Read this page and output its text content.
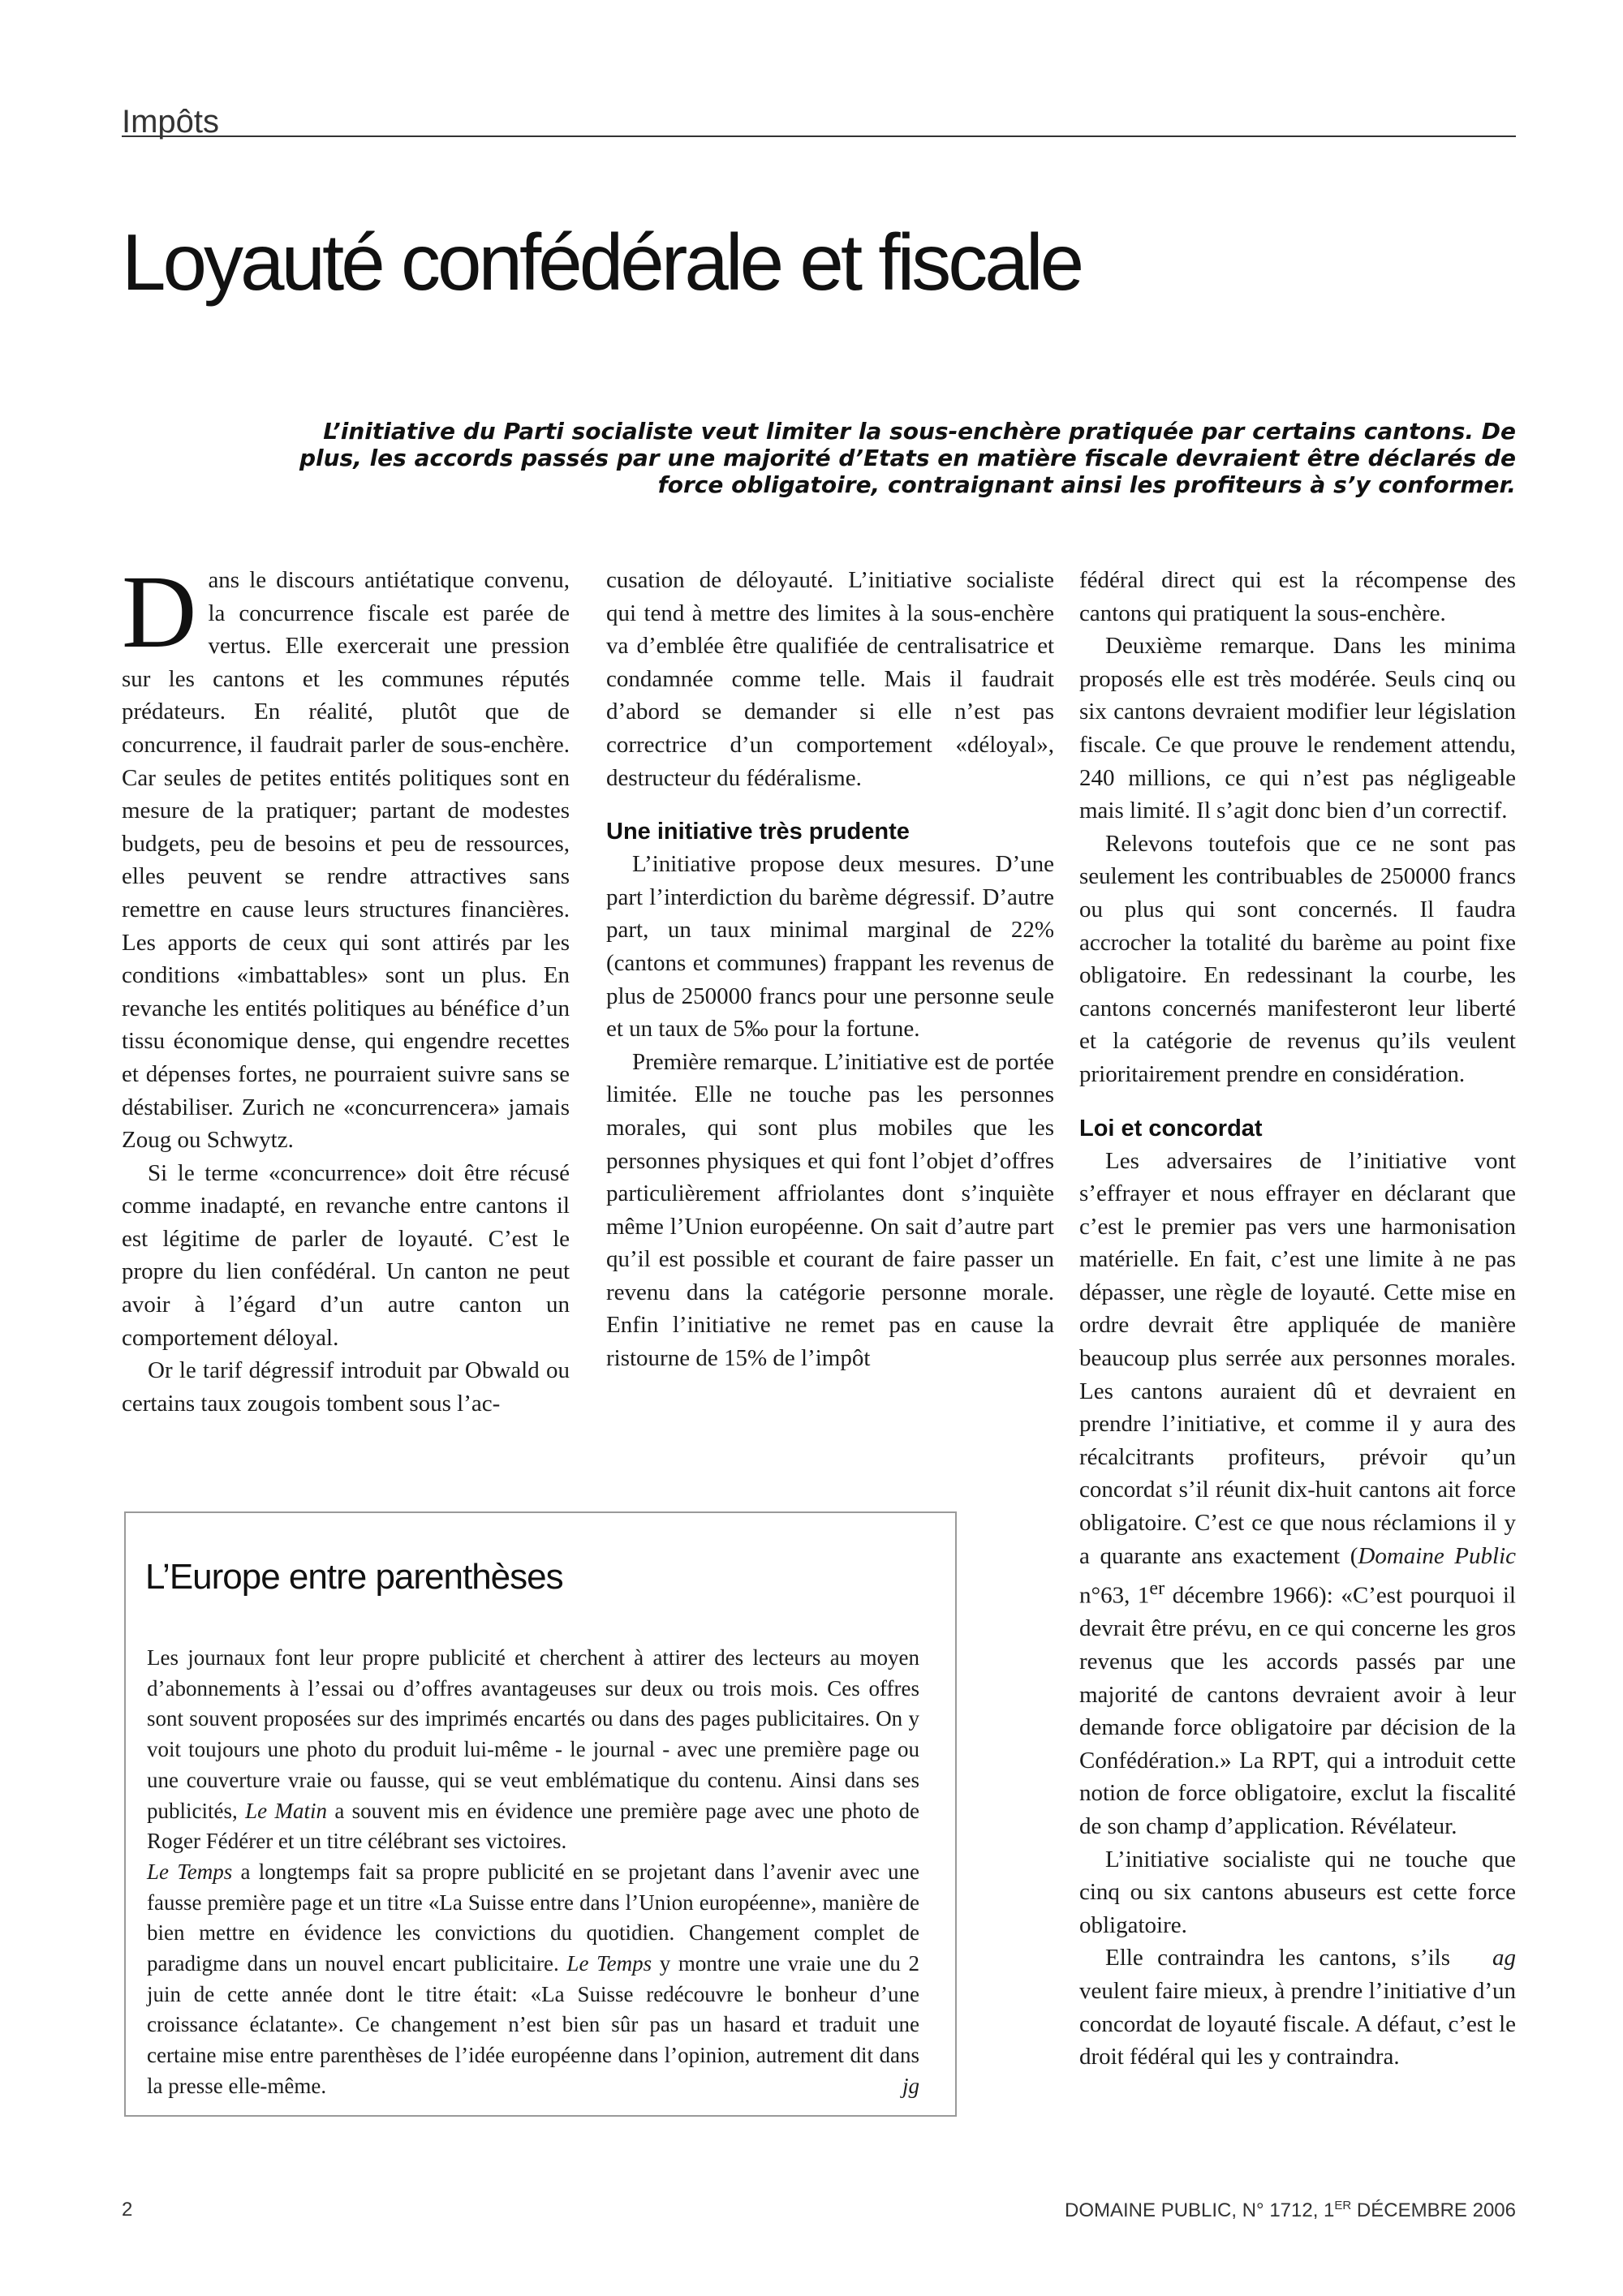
Impôts
Loyauté confédérale et fiscale

L’initiative du Parti socialiste veut limiter la sous-enchère pratiquée par certains cantons. De plus, les accords passés par une majorité d’Etats en matière fiscale devraient être déclarés de force obligatoire, contraignant ainsi les profiteurs à s’y conformer.

Dans le discours antiétatique convenu, la concurrence fiscale est parée de vertus. Elle exercerait une pression sur les cantons et les communes réputés prédateurs. En réalité, plutôt que de concurrence, il faudrait parler de sous-enchère. Car seules de petites entités politiques sont en mesure de la pratiquer; partant de modestes budgets, peu de besoins et peu de ressources, elles peuvent se rendre attractives sans remettre en cause leurs structures financières. Les apports de ceux qui sont attirés par les conditions «imbattables» sont un plus. En revanche les entités politiques au bénéfice d’un tissu économique dense, qui engendre recettes et dépenses fortes, ne pourraient suivre sans se déstabiliser. Zurich ne «concurrencera» jamais Zoug ou Schwytz.

Si le terme «concurrence» doit être récusé comme inadapté, en revanche entre cantons il est légitime de parler de loyauté. C’est le propre du lien confédéral. Un canton ne peut avoir à l’égard d’un autre canton un comportement déloyal.

Or le tarif dégressif introduit par Obwald ou certains taux zougois tombent sous l’ac-

cusation de déloyauté. L’initiative socialiste qui tend à mettre des limites à la sous-enchère va d’emblée être qualifiée de centralisatrice et condamnée comme telle. Mais il faudrait d’abord se demander si elle n’est pas correctrice d’un comportement «déloyal», destructeur du fédéralisme.

Une initiative très prudente

L’initiative propose deux mesures. D’une part l’interdiction du barème dégressif. D’autre part, un taux minimal marginal de 22% (cantons et communes) frappant les revenus de plus de 250000 francs pour une personne seule et un taux de 5‰ pour la fortune.

Première remarque. L’initiative est de portée limitée. Elle ne touche pas les personnes morales, qui sont plus mobiles que les personnes physiques et qui font l’objet d’offres particulièrement affriolantes dont s’inquiète même l’Union européenne. On sait d’autre part qu’il est possible et courant de faire passer un revenu dans la catégorie personne morale. Enfin l’initiative ne remet pas en cause la ristourne de 15% de l’impôt

fédéral direct qui est la récompense des cantons qui pratiquent la sous-enchère.

Deuxième remarque. Dans les minima proposés elle est très modérée. Seuls cinq ou six cantons devraient modifier leur législation fiscale. Ce que prouve le rendement attendu, 240 millions, ce qui n’est pas négligeable mais limité. Il s’agit donc bien d’un correctif.

Relevons toutefois que ce ne sont pas seulement les contribuables de 250000 francs ou plus qui sont concernés. Il faudra accrocher la totalité du barème au point fixe obligatoire. En redessinant la courbe, les cantons concernés manifesteront leur liberté et la catégorie de revenus qu’ils veulent prioritairement prendre en considération.

Loi et concordat

Les adversaires de l’initiative vont s’effrayer et nous effrayer en déclarant que c’est le premier pas vers une harmonisation matérielle. En fait, c’est une limite à ne pas dépasser, une règle de loyauté. Cette mise en ordre devrait être appliquée de manière beaucoup plus serrée aux personnes morales. Les cantons auraient dû et devraient en prendre l’initiative, et comme il y aura des récalcitrants profiteurs, prévoir qu’un concordat s’il réunit dix-huit cantons ait force obligatoire. C’est ce que nous réclamions il y a quarante ans exactement (Domaine Public n°63, 1er décembre 1966): «C’est pourquoi il devrait être prévu, en ce qui concerne les gros revenus que les accords passés par une majorité de cantons devraient avoir à leur demande force obligatoire par décision de la Confédération.» La RPT, qui a introduit cette notion de force obligatoire, exclut la fiscalité de son champ d’application. Révélateur.

L’initiative socialiste qui ne touche que cinq ou six cantons abuseurs est cette force obligatoire.

ag
Elle contraindra les cantons, s’ils veulent faire mieux, à prendre l’initiative d’un concordat de loyauté fiscale. A défaut, c’est le droit fédéral qui les y contraindra.

L’Europe entre parenthèses

Les journaux font leur propre publicité et cherchent à attirer des lecteurs au moyen d’abonnements à l’essai ou d’offres avantageuses sur deux ou trois mois. Ces offres sont souvent proposées sur des imprimés encartés ou dans des pages publicitaires. On y voit toujours une photo du produit lui-même - le journal - avec une première page ou une couverture vraie ou fausse, qui se veut emblématique du contenu. Ainsi dans ses publicités, Le Matin a souvent mis en évidence une première page avec une photo de Roger Fédérer et un titre célébrant ses victoires.

Le Temps a longtemps fait sa propre publicité en se projetant dans l’avenir avec une fausse première page et un titre «La Suisse entre dans l’Union européenne», manière de bien mettre en évidence les convictions du quotidien. Changement complet de paradigme dans un nouvel encart publicitaire. Le Temps y montre une vraie une du 2 juin de cette année dont le titre était: «La Suisse redécouvre le bonheur d’une croissance éclatante». Ce changement n’est bien sûr pas un hasard et traduit une certaine mise entre parenthèses de l’idée européenne dans l’opinion, autrement dit dans la presse elle-même.	jg

2	DOMAINE PUBLIC, N° 1712, 1ER DÉCEMBRE 2006
